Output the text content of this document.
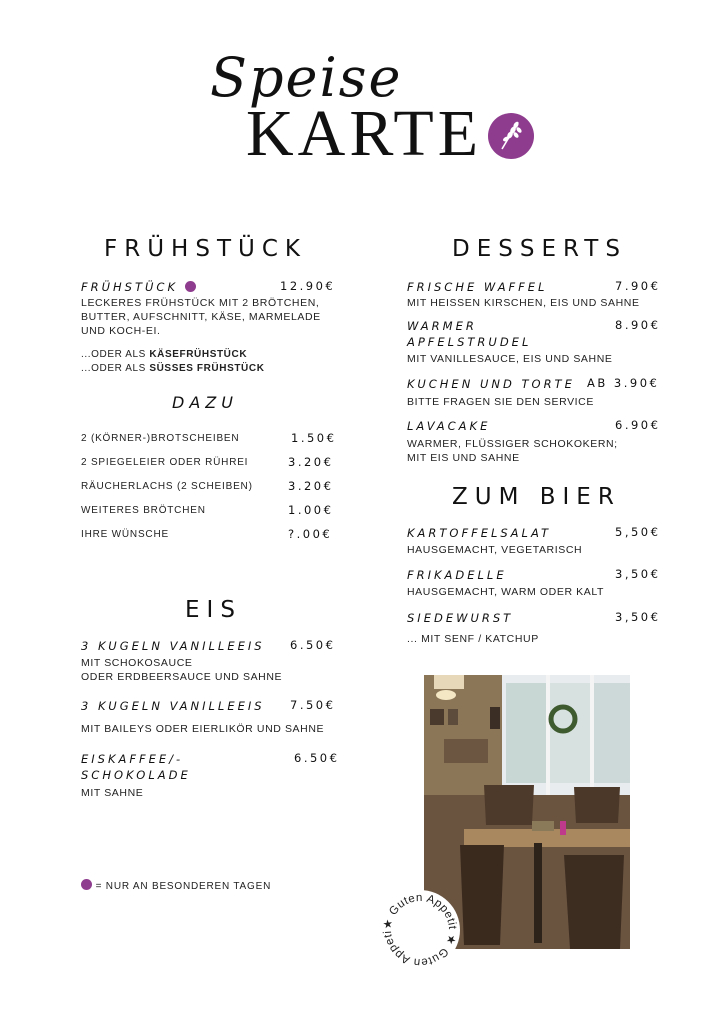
Speise
KARTE
FRÜHSTÜCK
FRÜHSTÜCK	12.90€
LECKERES FRÜHSTÜCK MIT 2 BRÖTCHEN,
BUTTER, AUFSCHNITT, KÄSE, MARMELADE
UND KOCH-EI.
...ODER ALS KÄSEFRÜHSTÜCK
...ODER ALS SÜSSES FRÜHSTÜCK
DAZU
2 (KÖRNER-)BROTSCHEIBEN	1.50€
2 SPIEGELEIER ODER RÜHREI	3.20€
RÄUCHERLACHS (2 SCHEIBEN)	3.20€
WEITERES BRÖTCHEN	1.00€
IHRE WÜNSCHE	?.00€
EIS
3 KUGELN VANILLEEIS 6.50€
MIT SCHOKOSAUCE
ODER ERDBEERSAUCE UND SAHNE
3 KUGELN VANILLEEIS 7.50€
MIT BAILEYS ODER EIERLIKÖR UND SAHNE
EISKAFFEE/-
SCHOKOLADE
6.50€
MIT SAHNE
= NUR AN BESONDEREN TAGEN
DESSERTS
FRISCHE WAFFEL	7.90€
MIT HEISSEN KIRSCHEN, EIS UND SAHNE
WARMER
APFELSTRUDEL
8.90€
MIT VANILLESAUCE, EIS UND SAHNE
KUCHEN UND TORTE AB 3.90€
BITTE FRAGEN SIE DEN SERVICE
LAVACAKE	6.90€
WARMER, FLÜSSIGER SCHOKOKERN;
MIT EIS UND SAHNE
ZUM BIER
KARTOFFELSALAT	5,50€
HAUSGEMACHT, VEGETARISCH
FRIKADELLE	3,50€
HAUSGEMACHT, WARM ODER KALT
SIEDEWURST	3,50€
... MIT SENF / KATCHUP
★ Guten Appetit ★ Guten Appeti
